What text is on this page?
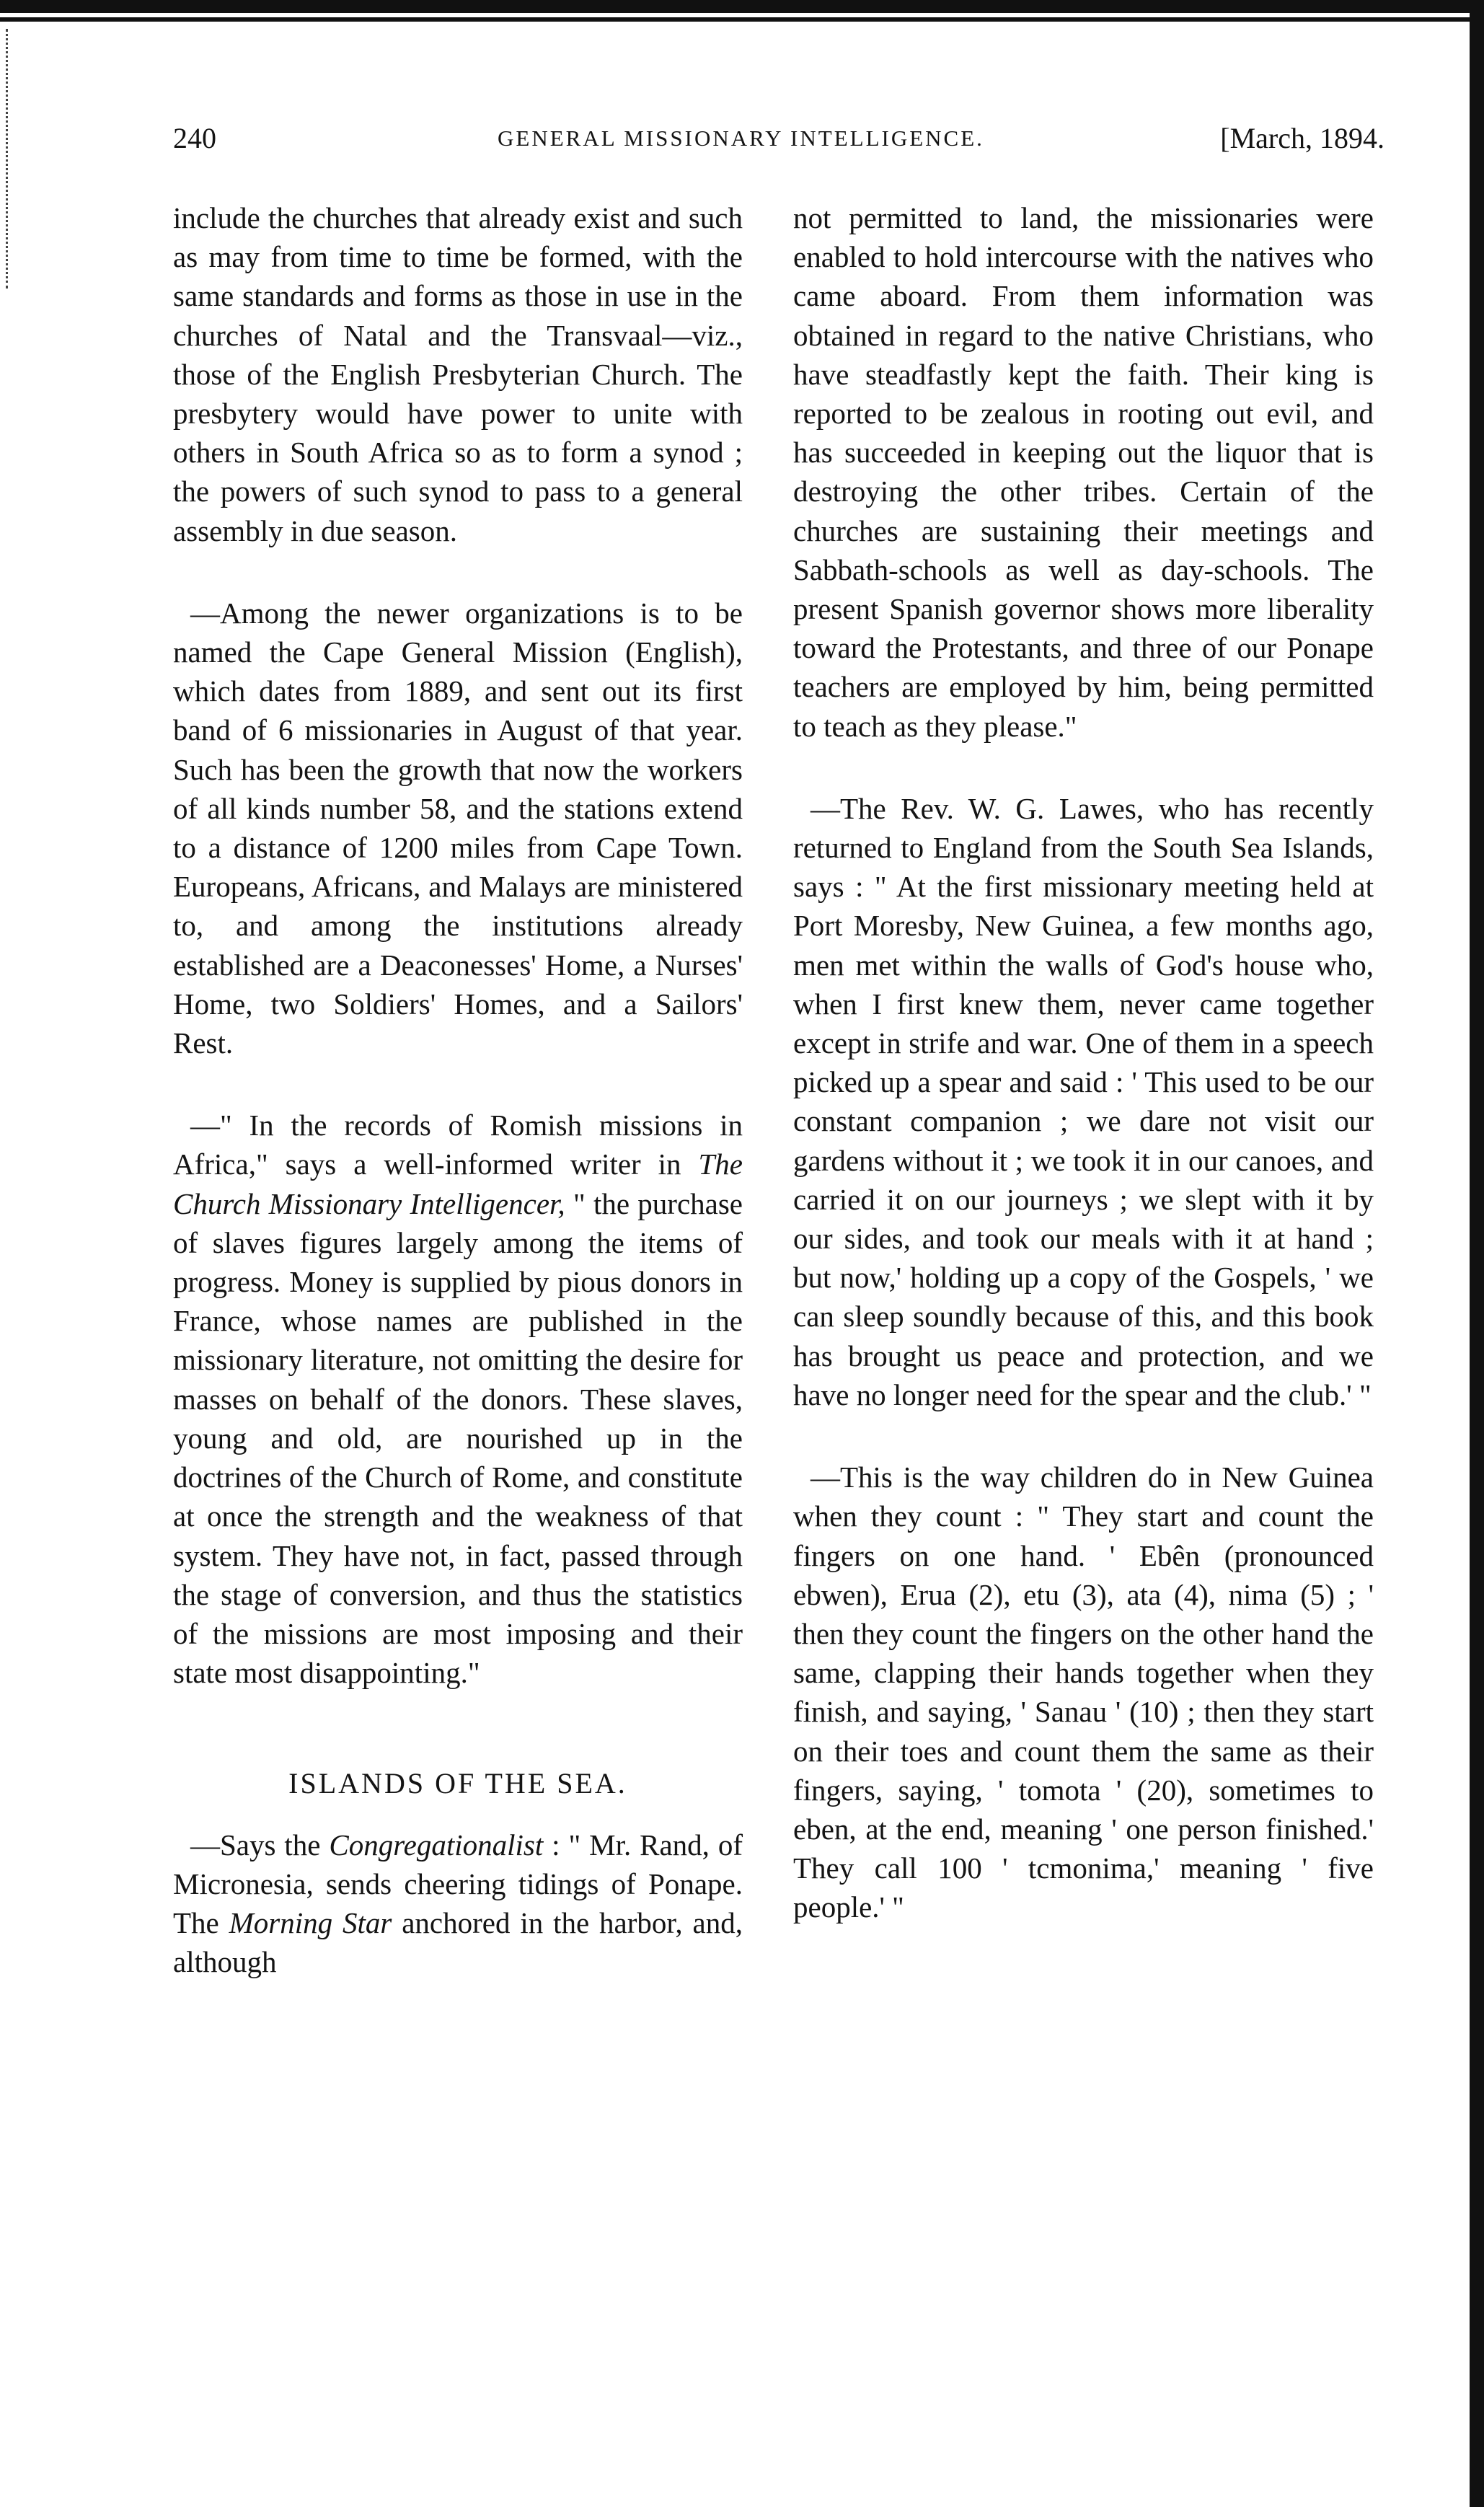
240	GENERAL MISSIONARY INTELLIGENCE.	[March, 1894.

include the churches that already exist and such as may from time to time be formed, with the same standards and forms as those in use in the churches of Natal and the Transvaal—viz., those of the English Presbyterian Church. The presbytery would have power to unite with others in South Africa so as to form a synod ; the powers of such synod to pass to a general assembly in due season.

—Among the newer organizations is to be named the Cape General Mission (English), which dates from 1889, and sent out its first band of 6 missionaries in August of that year. Such has been the growth that now the workers of all kinds number 58, and the stations extend to a distance of 1200 miles from Cape Town. Europeans, Africans, and Malays are ministered to, and among the institutions already established are a Deaconesses' Home, a Nurses' Home, two Soldiers' Homes, and a Sailors' Rest.

—" In the records of Romish missions in Africa," says a well-informed writer in The Church Missionary Intelligencer, " the purchase of slaves figures largely among the items of progress. Money is supplied by pious donors in France, whose names are published in the missionary literature, not omitting the desire for masses on behalf of the donors. These slaves, young and old, are nourished up in the doctrines of the Church of Rome, and constitute at once the strength and the weakness of that system. They have not, in fact, passed through the stage of conversion, and thus the statistics of the missions are most imposing and their state most disappointing."

ISLANDS OF THE SEA.

—Says the Congregationalist : " Mr. Rand, of Micronesia, sends cheering tidings of Ponape. The Morning Star anchored in the harbor, and, although

not permitted to land, the missionaries were enabled to hold intercourse with the natives who came aboard. From them information was obtained in regard to the native Christians, who have steadfastly kept the faith. Their king is reported to be zealous in rooting out evil, and has succeeded in keeping out the liquor that is destroying the other tribes. Certain of the churches are sustaining their meetings and Sabbath-schools as well as day-schools. The present Spanish governor shows more liberality toward the Protestants, and three of our Ponape teachers are employed by him, being permitted to teach as they please."

—The Rev. W. G. Lawes, who has recently returned to England from the South Sea Islands, says : " At the first missionary meeting held at Port Moresby, New Guinea, a few months ago, men met within the walls of God's house who, when I first knew them, never came together except in strife and war. One of them in a speech picked up a spear and said : ' This used to be our constant companion ; we dare not visit our gardens without it ; we took it in our canoes, and carried it on our journeys ; we slept with it by our sides, and took our meals with it at hand ; but now,' holding up a copy of the Gospels, ' we can sleep soundly because of this, and this book has brought us peace and protection, and we have no longer need for the spear and the club.' "

—This is the way children do in New Guinea when they count : " They start and count the fingers on one hand. ' Ebên (pronounced ebwen), Erua (2), etu (3), ata (4), nima (5) ; ' then they count the fingers on the other hand the same, clapping their hands together when they finish, and saying, ' Sanau ' (10) ; then they start on their toes and count them the same as their fingers, saying, ' tomota ' (20), sometimes to eben, at the end, meaning ' one person finished.' They call 100 ' tcmonima,' meaning ' five people.' "
